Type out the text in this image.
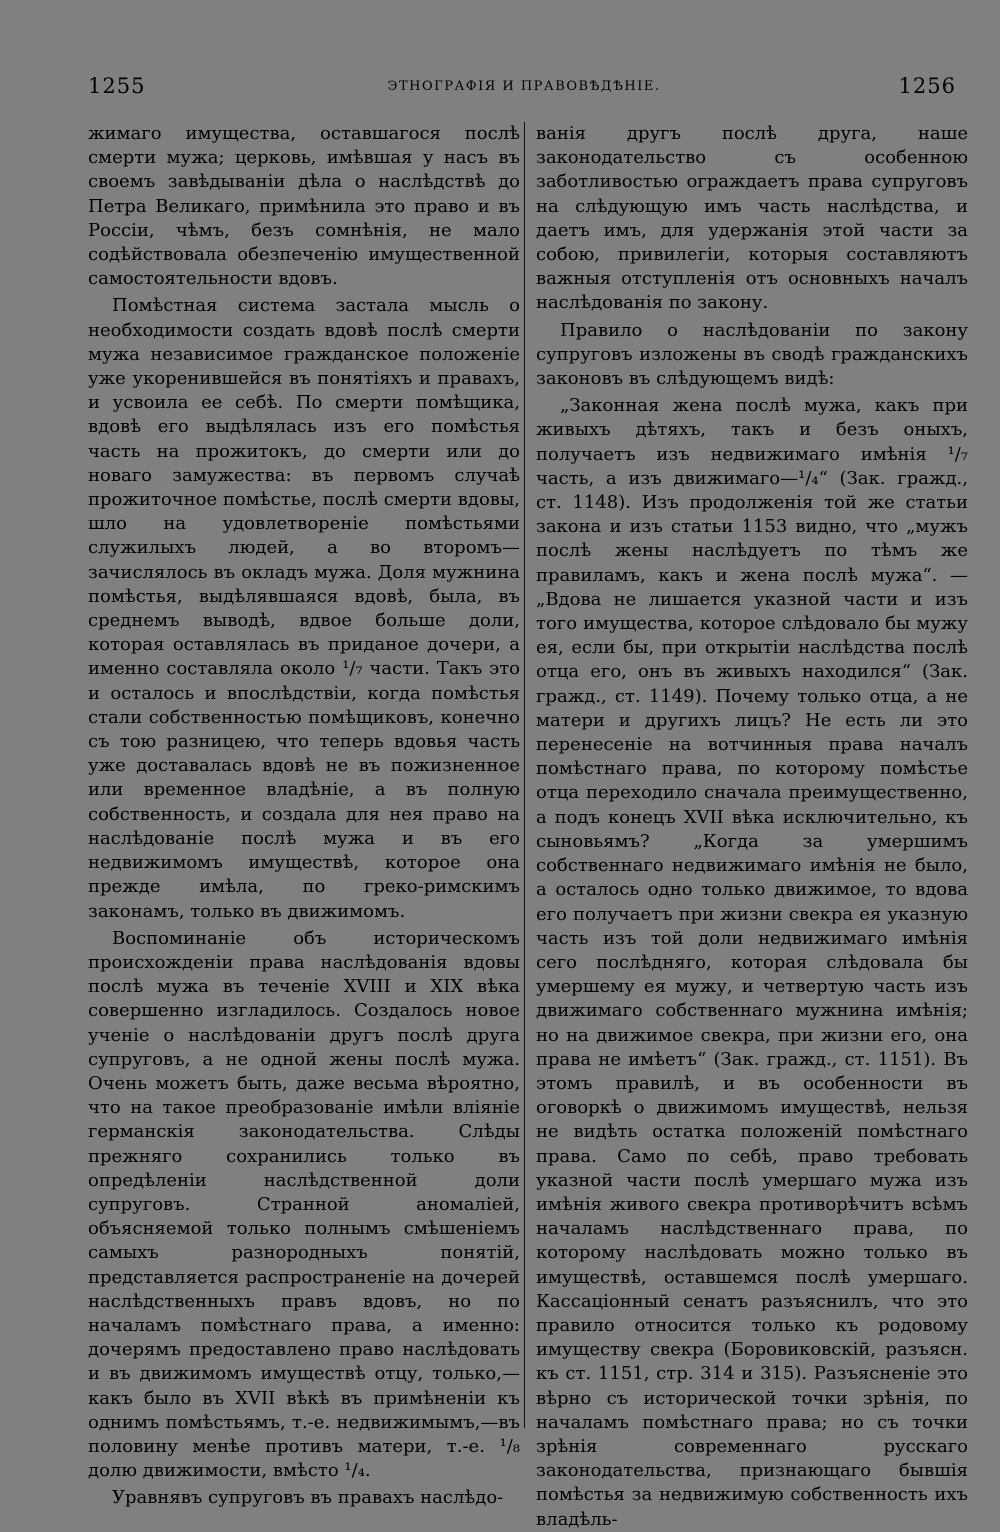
1255	ЭТНОГРАФІЯ И ПРАВОВѢДѢНІЕ.	1256

жимаго имущества, оставшагося послѣ смерти мужа; церковь, имѣвшая у насъ въ своемъ завѣдываніи дѣла о наслѣдствѣ до Петра Великаго, примѣнила это право и въ Россіи, чѣмъ, безъ сомнѣнія, не мало содѣйствовала обезпеченію имущественной самостоятельности вдовъ.

Помѣстная система застала мысль о необходимости создать вдовѣ послѣ смерти мужа независимое гражданское положеніе уже укоренившейся въ понятіяхъ и правахъ, и усвоила ее себѣ. По смерти помѣщика, вдовѣ его выдѣлялась изъ его помѣстья часть на прожитокъ, до смерти или до новаго замужества: въ первомъ случаѣ прожиточное помѣстье, послѣ смерти вдовы, шло на удовлетвореніе помѣстьями служилыхъ людей, а во второмъ—зачислялось въ окладъ мужа. Доля мужнина помѣстья, выдѣлявшаяся вдовѣ, была, въ среднемъ выводѣ, вдвое больше доли, которая оставлялась въ приданое дочери, а именно составляла около ¹/₇ части. Такъ это и осталось и впослѣдствіи, когда помѣстья стали собственностью помѣщиковъ, конечно съ тою разницею, что теперь вдовья часть уже доставалась вдовѣ не въ пожизненное или временное владѣніе, а въ полную собственность, и создала для нея право на наслѣдованіе послѣ мужа и въ его недвижимомъ имуществѣ, которое она прежде имѣла, по греко-римскимъ законамъ, только въ движимомъ.

Воспоминаніе объ историческомъ происхожденіи права наслѣдованія вдовы послѣ мужа въ теченіе XVIII и XIX вѣка совершенно изгладилось. Создалось новое ученіе о наслѣдованіи другъ послѣ друга супруговъ, а не одной жены послѣ мужа. Очень можетъ быть, даже весьма вѣроятно, что на такое преобразованіе имѣли вліяніе германскія законодательства. Слѣды прежняго сохранились только въ опредѣленіи наслѣдственной доли супруговъ. Странной аномаліей, объясняемой только полнымъ смѣшеніемъ самыхъ разнородныхъ понятій, представляется распространеніе на дочерей наслѣдственныхъ правъ вдовъ, но по началамъ помѣстнаго права, а именно: дочерямъ предоставлено право наслѣдовать и въ движимомъ имуществѣ отцу, только,—какъ было въ XVII вѣкѣ въ примѣненіи къ однимъ помѣстьямъ, т.-е. недвижимымъ,—въ половину менѣе противъ матери, т.-е. ¹/₈ долю движимости, вмѣсто ¹/₄.

Уравнявъ супруговъ въ правахъ наслѣдо-

ванія другъ послѣ друга, наше законодательство съ особенною заботливостью ограждаетъ права супруговъ на слѣдующую имъ часть наслѣдства, и даетъ имъ, для удержанія этой части за собою, привилегіи, которыя составляютъ важныя отступленія отъ основныхъ началъ наслѣдованія по закону.

Правило о наслѣдованіи по закону супруговъ изложены въ сводѣ гражданскихъ законовъ въ слѣдующемъ видѣ:

„Законная жена послѣ мужа, какъ при живыхъ дѣтяхъ, такъ и безъ оныхъ, получаетъ изъ недвижимаго имѣнія ¹/₇ часть, а изъ движимаго—¹/₄“ (Зак. гражд., ст. 1148). Изъ продолженія той же статьи закона и изъ статьи 1153 видно, что „мужъ послѣ жены наслѣдуетъ по тѣмъ же правиламъ, какъ и жена послѣ мужа“. — „Вдова не лишается указной части и изъ того имущества, которое слѣдовало бы мужу ея, если бы, при открытіи наслѣдства послѣ отца его, онъ въ живыхъ находился“ (Зак. гражд., ст. 1149). Почему только отца, а не матери и другихъ лицъ? Не есть ли это перенесеніе на вотчинныя права началъ помѣстнаго права, по которому помѣстье отца переходило сначала преимущественно, а подъ конецъ XVII вѣка исключительно, къ сыновьямъ? „Когда за умершимъ собственнаго недвижимаго имѣнія не было, а осталось одно только движимое, то вдова его получаетъ при жизни свекра ея указную часть изъ той доли недвижимаго имѣнія сего послѣдняго, которая слѣдовала бы умершему ея мужу, и четвертую часть изъ движимаго собственнаго мужнина имѣнія; но на движимое свекра, при жизни его, она права не имѣетъ“ (Зак. гражд., ст. 1151). Въ этомъ правилѣ, и въ особенности въ оговоркѣ о движимомъ имуществѣ, нельзя не видѣть остатка положеній помѣстнаго права. Само по себѣ, право требовать указной части послѣ умершаго мужа изъ имѣнія живого свекра противорѣчитъ всѣмъ началамъ наслѣдственнаго права, по которому наслѣдовать можно только въ имуществѣ, оставшемся послѣ умершаго. Кассаціонный сенатъ разъяснилъ, что это правило относится только къ родовому имуществу свекра (Боровиковскій, разъясн. къ ст. 1151, стр. 314 и 315). Разъясненіе это вѣрно съ исторической точки зрѣнія, по началамъ помѣстнаго права; но съ точки зрѣнія современнаго русскаго законодательства, признающаго бывшія помѣстья за недвижимую собственность ихъ владѣль-
